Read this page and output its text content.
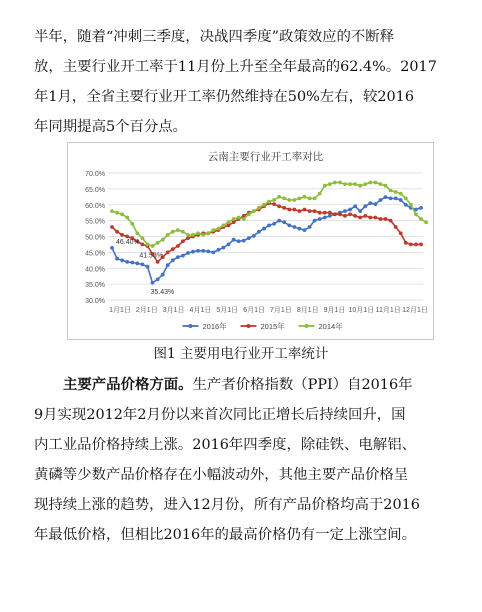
半年，随着“冲刺三季度，决战四季度”政策效应的不断释
放，主要行业开工率于11月份上升至全年最高的62.4%。2017
年1月，全省主要行业开工率仍然维持在50%左右，较2016
年同期提高5个百分点。

云南主要行业开工率对比
30.0%
35.0%
40.0%
45.0%
50.0%
55.0%
60.0%
65.0%
70.0%
1月1日 2月1日 3月1日 4月1日 5月1日 6月1日 7月1日 8月1日 9月1日 10月1日 11月1日 12月1日
46.40%
41.53%
35.43%
2016年	2015年	2014年
图1 主要用电行业开工率统计

主要产品价格方面。生产者价格指数（PPI）自2016年
9月实现2012年2月份以来首次同比正增长后持续回升，国
内工业品价格持续上涨。2016年四季度，除硅铁、电解铝、
黄磷等少数产品价格存在小幅波动外，其他主要产品价格呈
现持续上涨的趋势，进入12月份，所有产品价格均高于2016
年最低价格，但相比2016年的最高价格仍有一定上涨空间。
